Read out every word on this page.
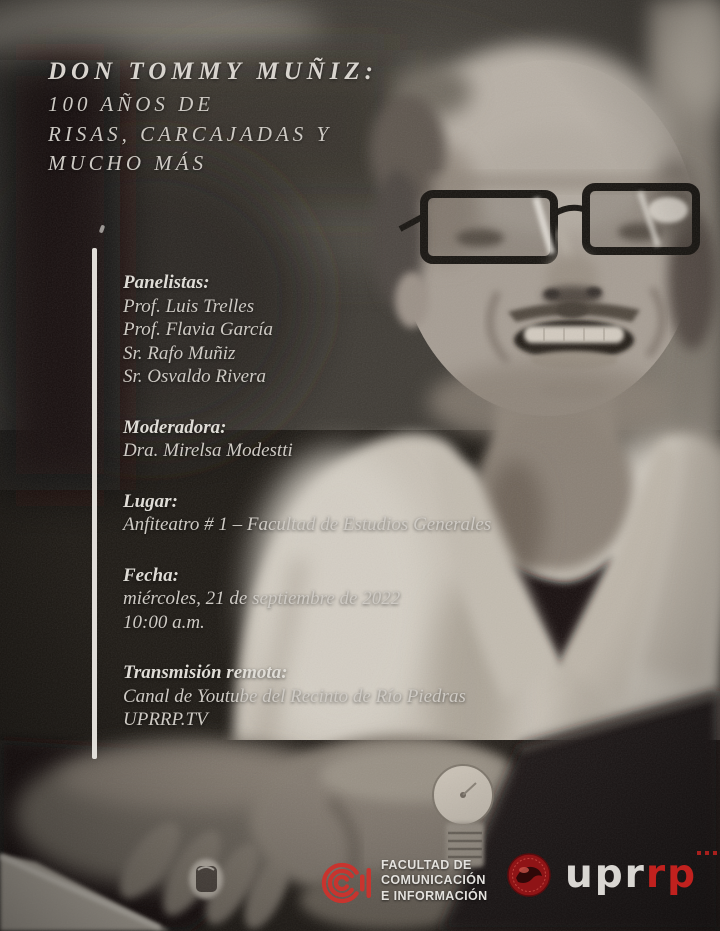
DON TOMMY MUÑIZ:
100 AÑOS DE
RISAS, CARCAJADAS Y
MUCHO MÁS
Panelistas:
Prof. Luis Trelles
Prof. Flavia García
Sr. Rafo Muñiz
Sr. Osvaldo Rivera
Moderadora:
Dra. Mirelsa Modestti
Lugar:
Anfiteatro # 1 – Facultad de Estudios Generales
Fecha:
miércoles, 21 de septiembre de 2022
10:00 a.m.
Transmisión remota:
Canal de Youtube del Recinto de Río Piedras
UPRRP.TV
FACULTAD DE
COMUNICACIÓN
E INFORMACIÓN uprrp
